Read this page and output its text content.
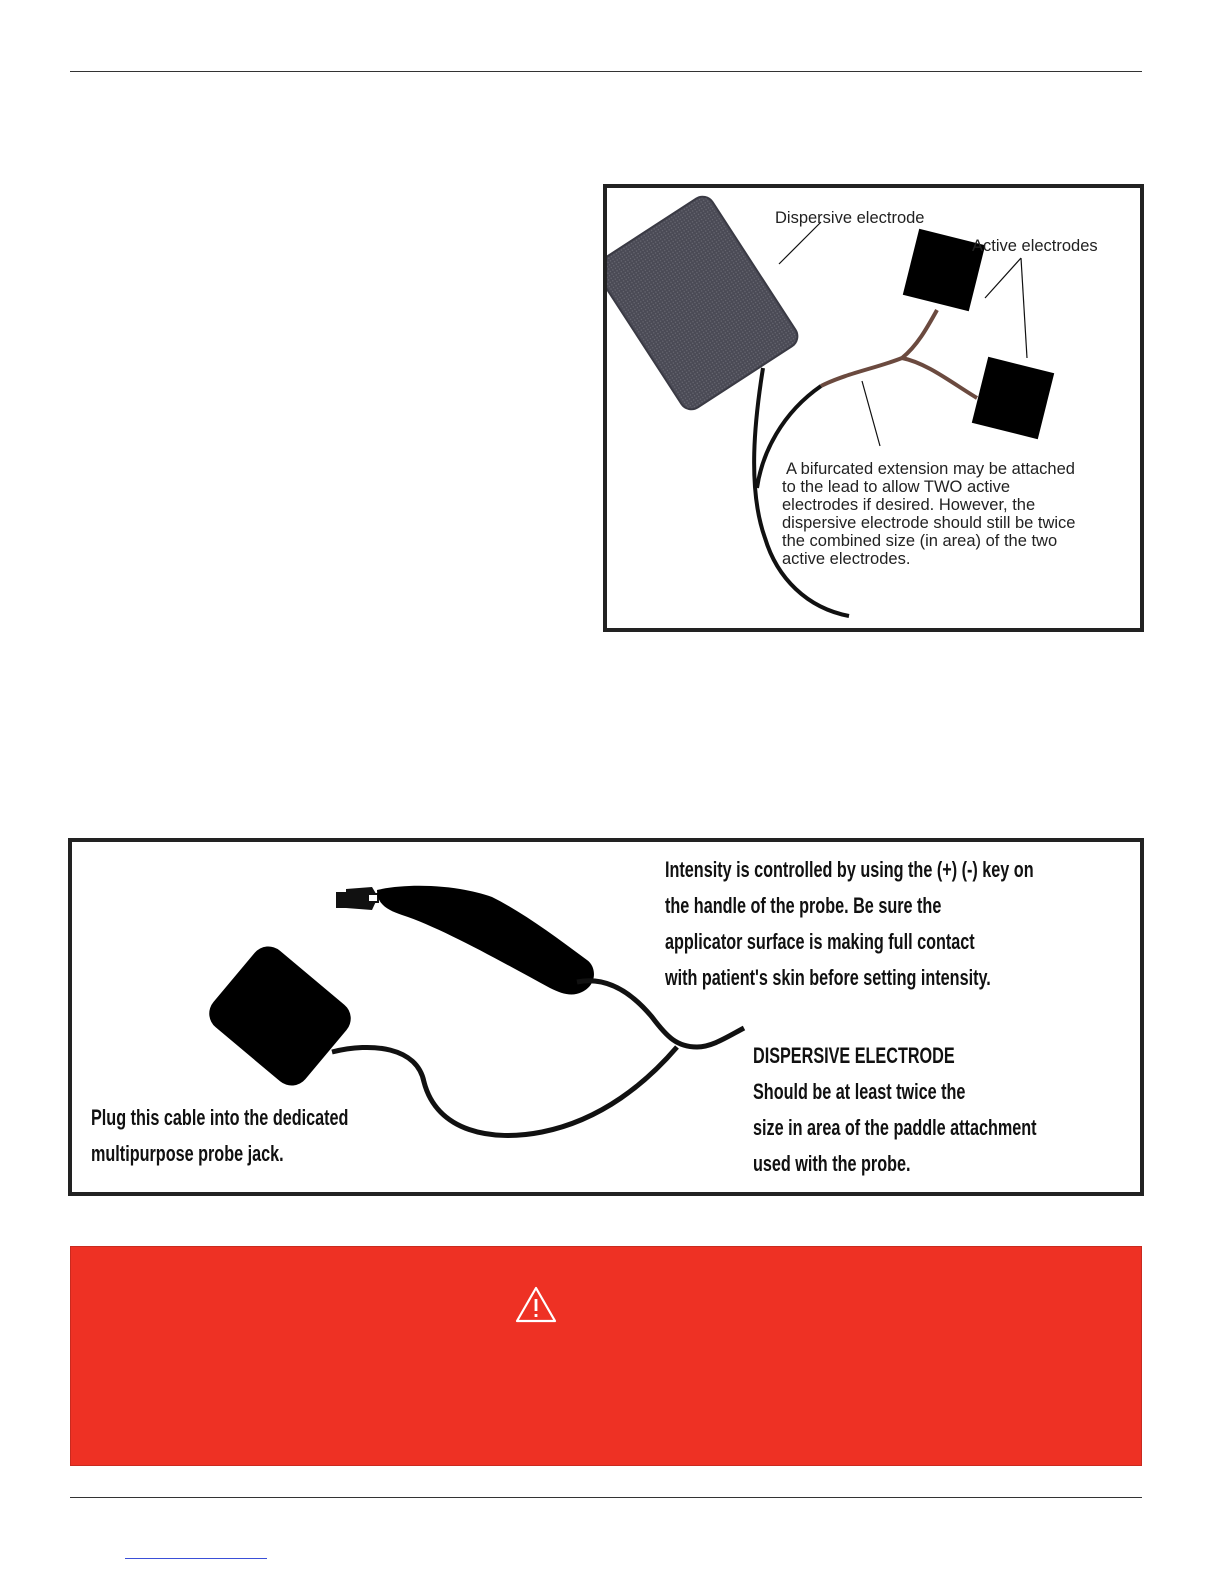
Dispersive electrode
Active electrodes
A bifurcated extension may be attached
to the lead to allow TWO active
electrodes if desired. However, the
dispersive electrode should still be twice
the combined size (in area) of the two
active electrodes.
Intensity is controlled by using the (+) (-) key on
the handle of the probe. Be sure the
applicator surface is making full contact
with patient's skin before setting intensity.
DISPERSIVE ELECTRODE
Should be at least twice the
size in area of the paddle attachment
used with the probe.
Plug this cable into the dedicated
multipurpose probe jack.
